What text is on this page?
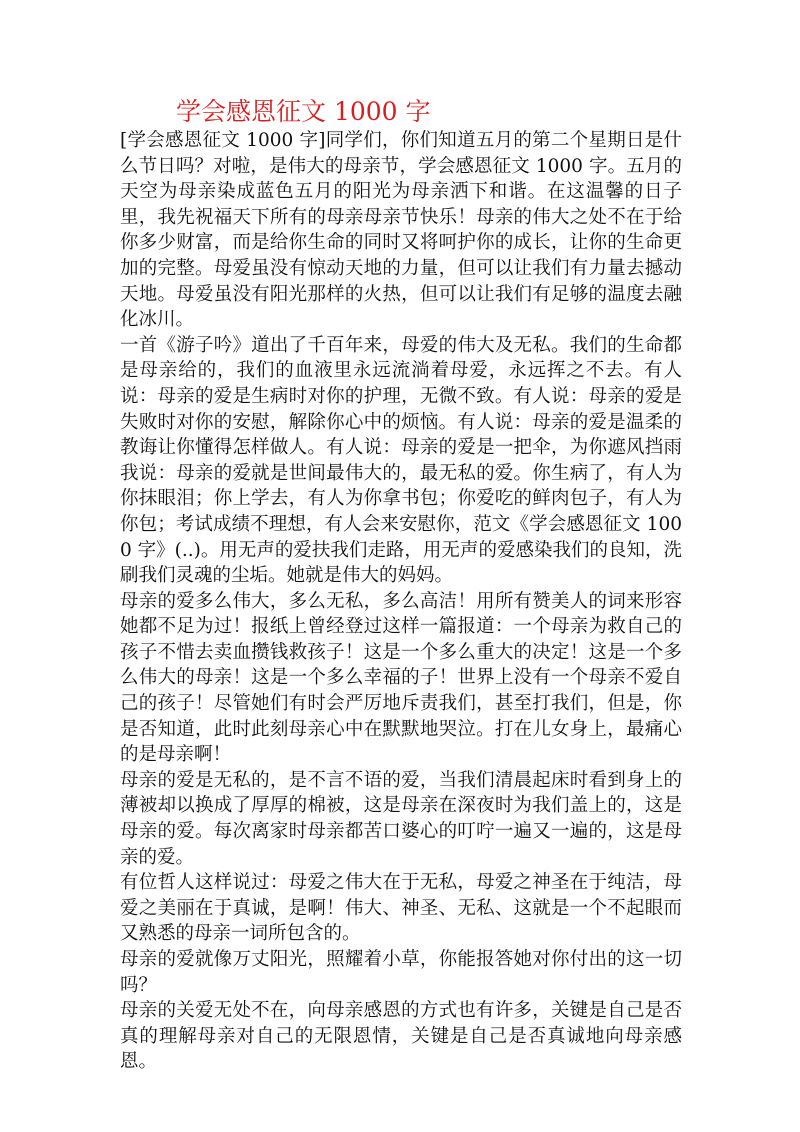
学会感恩征文 1000 字

[学会感恩征文 1000 字]同学们，你们知道五月的第二个星期日是什么节日吗？对啦，是伟大的母亲节，学会感恩征文 1000 字。五月的天空为母亲染成蓝色五月的阳光为母亲洒下和谐。在这温馨的日子里，我先祝福天下所有的母亲母亲节快乐！母亲的伟大之处不在于给你多少财富，而是给你生命的同时又将呵护你的成长，让你的生命更加的完整。母爱虽没有惊动天地的力量，但可以让我们有力量去撼动天地。母爱虽没有阳光那样的火热，但可以让我们有足够的温度去融化冰川。

一首《游子吟》道出了千百年来，母爱的伟大及无私。我们的生命都是母亲给的，我们的血液里永远流淌着母爱，永远挥之不去。有人说：母亲的爱是生病时对你的护理，无微不致。有人说：母亲的爱是失败时对你的安慰，解除你心中的烦恼。有人说：母亲的爱是温柔的教诲让你懂得怎样做人。有人说：母亲的爱是一把伞，为你遮风挡雨我说：母亲的爱就是世间最伟大的，最无私的爱。你生病了，有人为你抹眼泪；你上学去，有人为你拿书包；你爱吃的鲜肉包子，有人为你包；考试成绩不理想，有人会来安慰你，范文《学会感恩征文 1000 字》(..)。用无声的爱扶我们走路，用无声的爱感染我们的良知，洗刷我们灵魂的尘垢。她就是伟大的妈妈。

母亲的爱多么伟大，多么无私，多么高洁！用所有赞美人的词来形容她都不足为过！报纸上曾经登过这样一篇报道：一个母亲为救自己的孩子不惜去卖血攒钱救孩子！这是一个多么重大的决定！这是一个多么伟大的母亲！这是一个多么幸福的子！世界上没有一个母亲不爱自己的孩子！尽管她们有时会严厉地斥责我们，甚至打我们，但是，你是否知道，此时此刻母亲心中在默默地哭泣。打在儿女身上，最痛心的是母亲啊！

母亲的爱是无私的，是不言不语的爱，当我们清晨起床时看到身上的薄被却以换成了厚厚的棉被，这是母亲在深夜时为我们盖上的，这是母亲的爱。每次离家时母亲都苦口婆心的叮咛一遍又一遍的，这是母亲的爱。

有位哲人这样说过：母爱之伟大在于无私，母爱之神圣在于纯洁，母爱之美丽在于真诚，是啊！伟大、神圣、无私、这就是一个不起眼而又熟悉的母亲一词所包含的。

母亲的爱就像万丈阳光，照耀着小草，你能报答她对你付出的这一切吗？

母亲的关爱无处不在，向母亲感恩的方式也有许多，关键是自己是否真的理解母亲对自己的无限恩情，关键是自己是否真诚地向母亲感恩。
